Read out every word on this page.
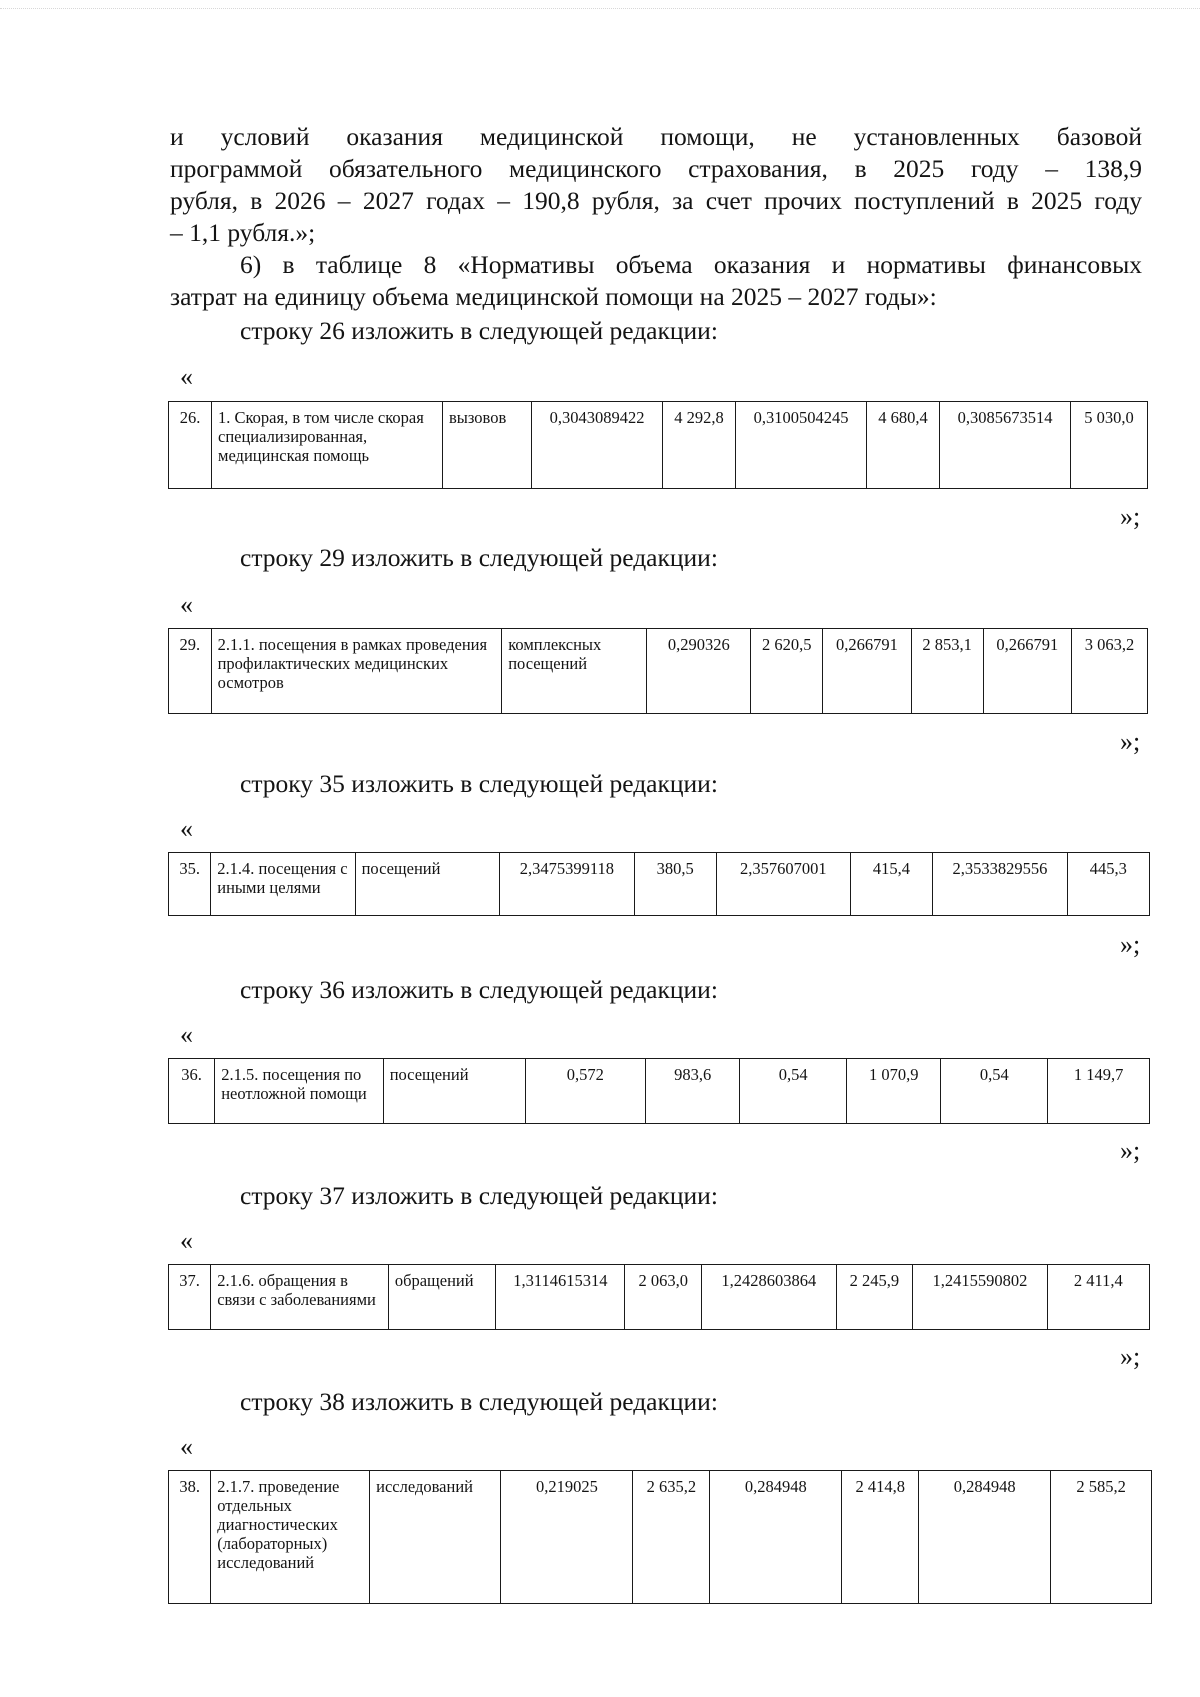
и условий оказания медицинской помощи, не установленных базовой
программой обязательного медицинского страхования, в 2025 году – 138,9
рубля, в 2026 – 2027 годах – 190,8 рубля, за счет прочих поступлений в 2025 году
– 1,1 рубля.»;
6) в таблице 8 «Нормативы объема оказания и нормативы финансовых
затрат на единицу объема медицинской помощи на 2025 – 2027 годы»:
строку 26 изложить в следующей редакции:
«
26.	1. Скорая, в том числе скорая специализированная, медицинская помощь	вызовов	0,3043089422	4 292,8	0,3100504245	4 680,4	0,3085673514	5 030,0
»;
строку 29 изложить в следующей редакции:
«
29.	2.1.1. посещения в рамках проведения профилактических медицинских осмотров	комплексных посещений	0,290326	2 620,5	0,266791	2 853,1	0,266791	3 063,2
»;
строку 35 изложить в следующей редакции:
«
35.	2.1.4. посещения с иными целями	посещений	2,3475399118	380,5	2,357607001	415,4	2,3533829556	445,3
»;
строку 36 изложить в следующей редакции:
«
36.	2.1.5. посещения по неотложной помощи	посещений	0,572	983,6	0,54	1 070,9	0,54	1 149,7
»;
строку 37 изложить в следующей редакции:
«
37.	2.1.6. обращения в связи с заболеваниями	обращений	1,3114615314	2 063,0	1,2428603864	2 245,9	1,2415590802	2 411,4
»;
строку 38 изложить в следующей редакции:
«
38.	2.1.7. проведение отдельных диагностических (лабораторных) исследований	исследований	0,219025	2 635,2	0,284948	2 414,8	0,284948	2 585,2
